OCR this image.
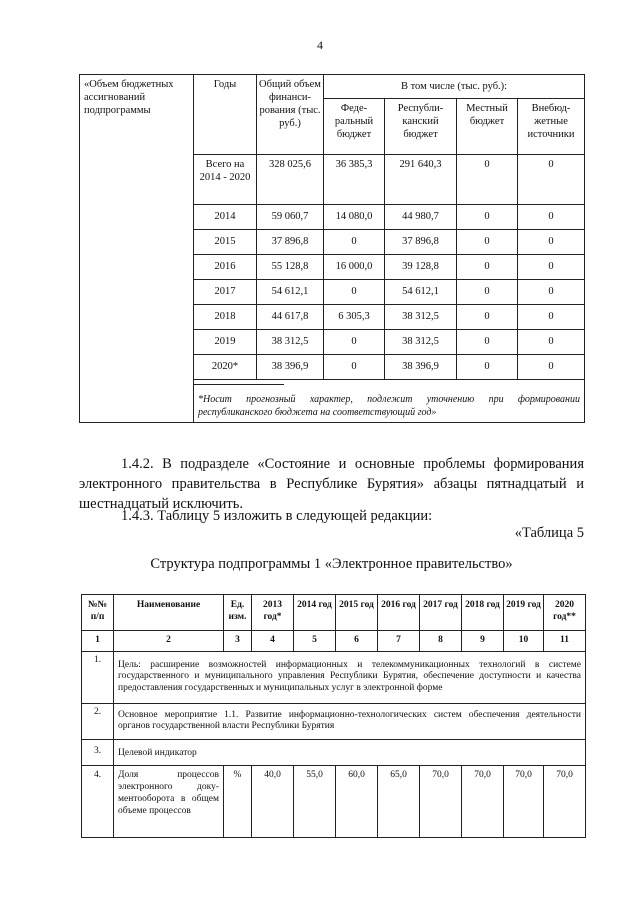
4
«Объем бюджетных ассигнований подпрограммы	Годы	Общий объем финанси-рования (тыс. руб.)	В том числе (тыс. руб.):			
			Феде-ральный бюджет	Республи-канский бюджет	Местный бюджет	Внебюд-жетные источники
	Всего на 2014 - 2020	328 025,6	36 385,3	291 640,3	0	0
	2014	59 060,7	14 080,0	44 980,7	0	0
	2015	37 896,8	0	37 896,8	0	0
	2016	55 128,8	16 000,0	39 128,8	0	0
	2017	54 612,1	0	54 612,1	0	0
	2018	44 617,8	6 305,3	38 312,5	0	0
	2019	38 312,5	0	38 312,5	0	0
	2020*	38 396,9	0	38 396,9	0	0

	*Носит прогнозный характер, подлежит уточнению при формировании республиканского бюджета на соответствующий год»					
1.4.2. В подразделе «Состояние и основные проблемы формирования электронного правительства в Республике Бурятия» абзацы пятнадцатый и шестнадцатый исключить.
1.4.3. Таблицу 5 изложить в следующей редакции:
«Таблица 5
Структура подпрограммы 1 «Электронное правительство»
№№ п/п	Наименование	Ед. изм.	2013 год*	2014 год	2015 год	2016 год	2017 год	2018 год	2019 год	2020 год**
1	2	3	4	5	6	7	8	9	10	11
1.	Цель: расширение возможностей информационных и телекоммуникационных технологий в системе государственного и муниципального управления Республики Бурятия, обеспечение доступности и качества предоставления государственных и муниципальных услуг в электронной форме									
2.	Основное мероприятие 1.1. Развитие информационно-технологических систем обеспечения деятельности органов государственной власти Республики Бурятия									
3.	Целевой индикатор									
4.	Доля процессов электронного доку-ментооборота в общем объеме процессов	%	40,0	55,0	60,0	65,0	70,0	70,0	70,0	70,0
